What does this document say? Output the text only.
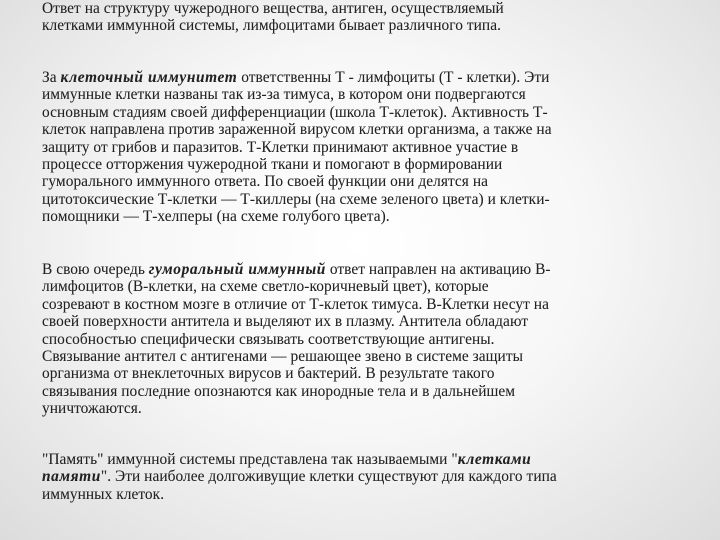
Ответ на структуру чужеродного вещества, антиген, осуществляемый
клетками иммунной системы, лимфоцитами бывает различного типа.

За клеточный иммунитет ответственны Т - лимфоциты (Т - клетки). Эти
иммунные клетки названы так из-за тимуса, в котором они подвергаются
основным стадиям своей дифференциации (школа Т-клеток). Активность Т-
клеток направлена против зараженной вирусом клетки организма, а также на
защиту от грибов и паразитов. Т-Клетки принимают активное участие в
процессе отторжения чужеродной ткани и помогают в формировании
гуморального иммунного ответа. По своей функции они делятся на
цитотоксические Т-клетки — Т-киллеры (на схеме зеленого цвета) и клетки-
помощники — Т-хелперы (на схеме голубого цвета).

В свою очередь гуморальный иммунный ответ направлен на активацию В-
лимфоцитов (В-клетки, на схеме светло-коричневый цвет), которые
созревают в костном мозге в отличие от Т-клеток тимуса. В-Клетки несут на
своей поверхности антитела и выделяют их в плазму. Антитела обладают
способностью специфически связывать соответствующие антигены.
Связывание антител с антигенами — решающее звено в системе защиты
организма от внеклеточных вирусов и бактерий. В результате такого
связывания последние опознаются как инородные тела и в дальнейшем
уничтожаются.

"Память" иммунной системы представлена так называемыми "клетками
памяти". Эти наиболее долгоживущие клетки существуют для каждого типа
иммунных клеток.
